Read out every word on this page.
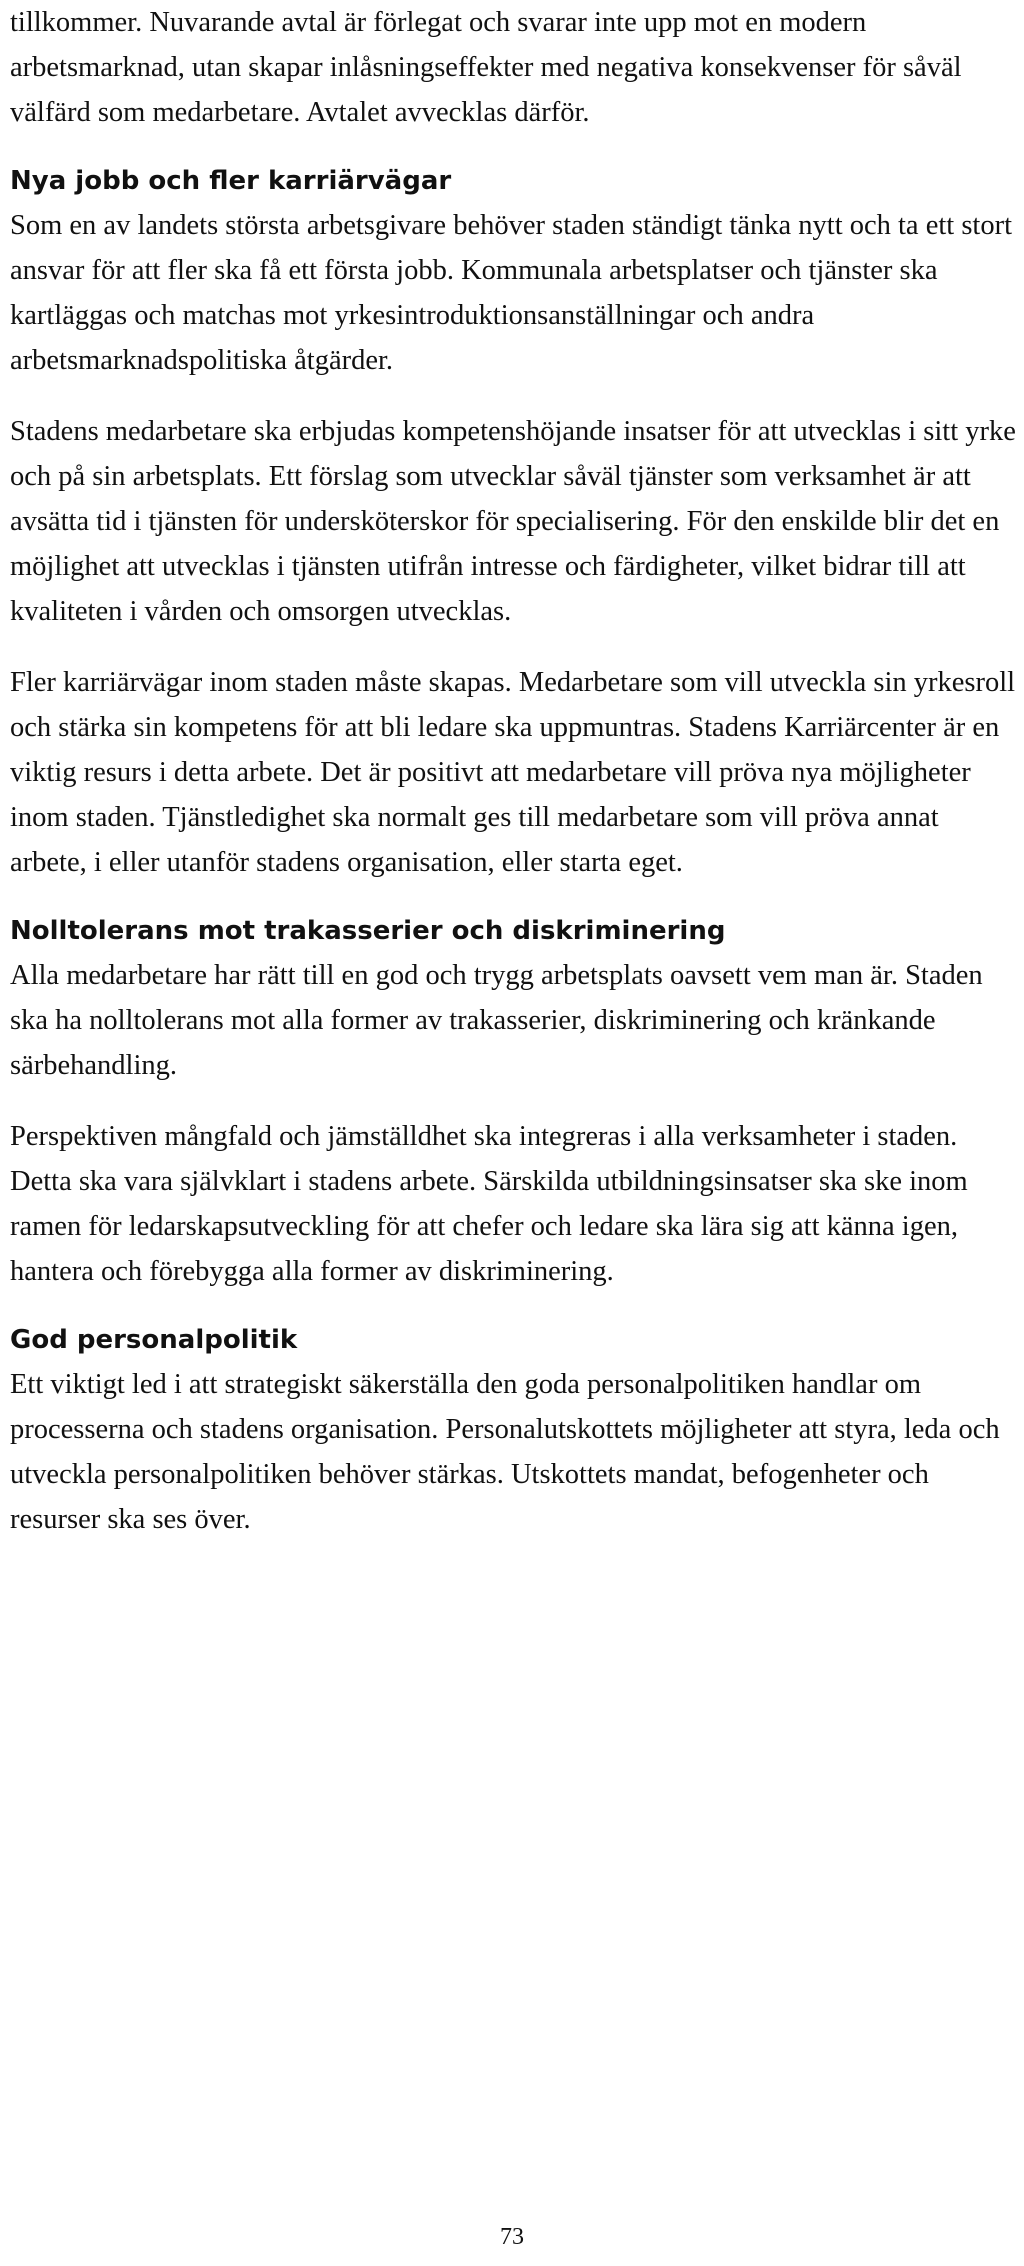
tillkommer. Nuvarande avtal är förlegat och svarar inte upp mot en modern arbetsmarknad, utan skapar inlåsningseffekter med negativa konsekvenser för såväl välfärd som medarbetare. Avtalet avvecklas därför.

Nya jobb och fler karriärvägar

Som en av landets största arbetsgivare behöver staden ständigt tänka nytt och ta ett stort ansvar för att fler ska få ett första jobb. Kommunala arbetsplatser och tjänster ska kartläggas och matchas mot yrkesintroduktionsanställningar och andra arbetsmarknadspolitiska åtgärder.

Stadens medarbetare ska erbjudas kompetenshöjande insatser för att utvecklas i sitt yrke och på sin arbetsplats. Ett förslag som utvecklar såväl tjänster som verksamhet är att avsätta tid i tjänsten för undersköterskor för specialisering. För den enskilde blir det en möjlighet att utvecklas i tjänsten utifrån intresse och färdigheter, vilket bidrar till att kvaliteten i vården och omsorgen utvecklas.

Fler karriärvägar inom staden måste skapas. Medarbetare som vill utveckla sin yrkesroll och stärka sin kompetens för att bli ledare ska uppmuntras. Stadens Karriärcenter är en viktig resurs i detta arbete. Det är positivt att medarbetare vill pröva nya möjligheter inom staden. Tjänstledighet ska normalt ges till medarbetare som vill pröva annat arbete, i eller utanför stadens organisation, eller starta eget.

Nolltolerans mot trakasserier och diskriminering

Alla medarbetare har rätt till en god och trygg arbetsplats oavsett vem man är. Staden ska ha nolltolerans mot alla former av trakasserier, diskriminering och kränkande särbehandling.

Perspektiven mångfald och jämställdhet ska integreras i alla verksamheter i staden. Detta ska vara självklart i stadens arbete. Särskilda utbildningsinsatser ska ske inom ramen för ledarskapsutveckling för att chefer och ledare ska lära sig att känna igen, hantera och förebygga alla former av diskriminering.

God personalpolitik

Ett viktigt led i att strategiskt säkerställa den goda personalpolitiken handlar om processerna och stadens organisation. Personalutskottets möjligheter att styra, leda och utveckla personalpolitiken behöver stärkas. Utskottets mandat, befogenheter och resurser ska ses över.

73
